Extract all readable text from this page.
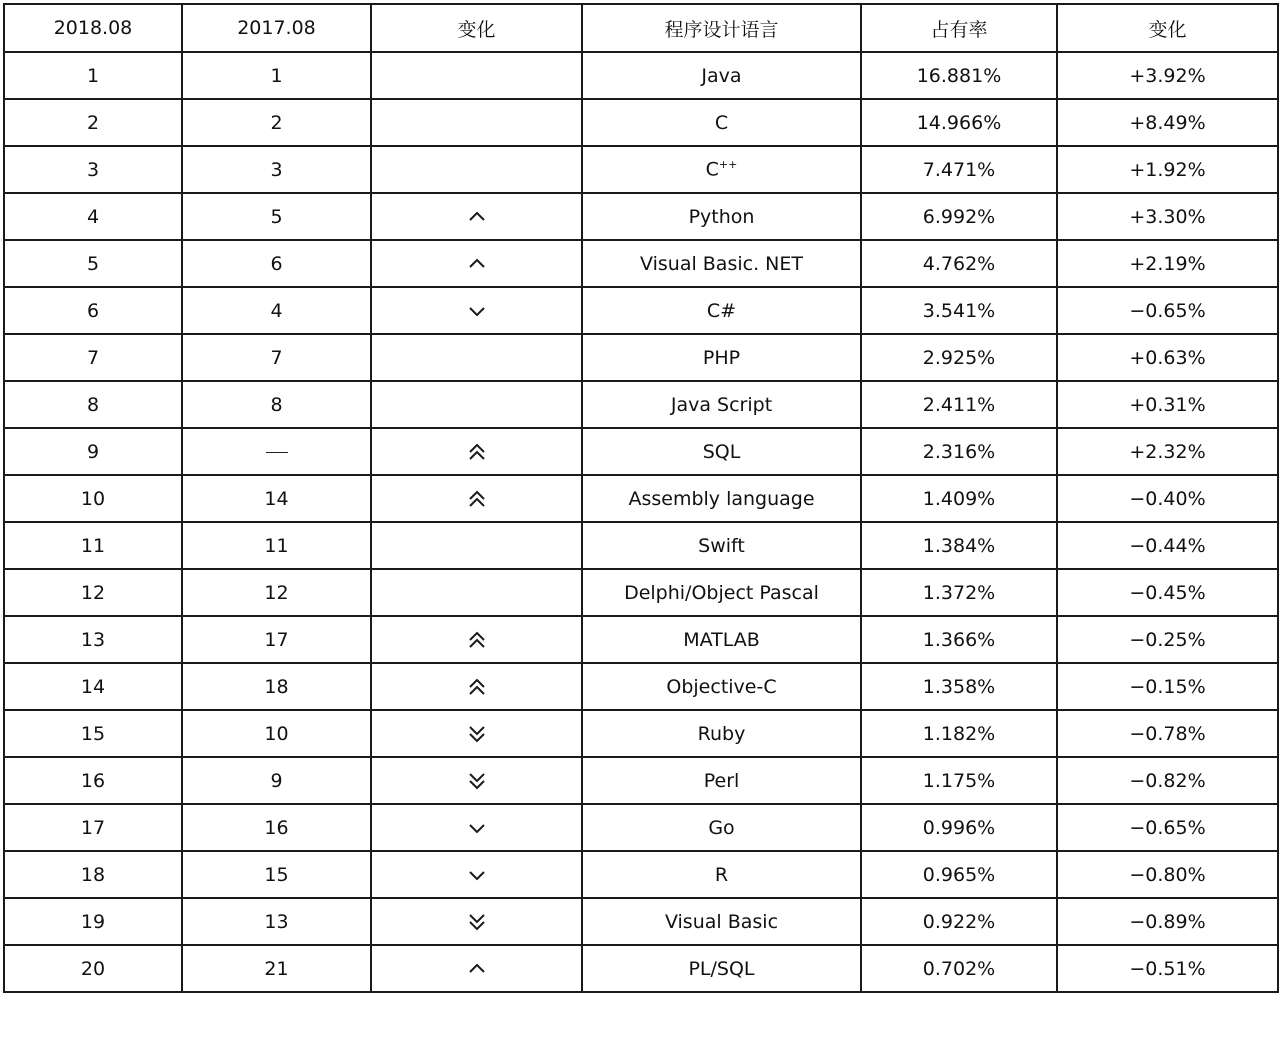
2018.08	2017.08	变化	程序设计语言	占有率	变化
1	1		Java	16.881%	+3.92%
2	2		C	14.966%	+8.49%
3	3		C++	7.471%	+1.92%
4	5		Python	6.992%	+3.30%
5	6		Visual Basic. NET	4.762%	+2.19%
6	4		C#	3.541%	−0.65%
7	7		PHP	2.925%	+0.63%
8	8		Java Script	2.411%	+0.31%
9			SQL	2.316%	+2.32%
10	14		Assembly language	1.409%	−0.40%
11	11		Swift	1.384%	−0.44%
12	12		Delphi/Object Pascal	1.372%	−0.45%
13	17		MATLAB	1.366%	−0.25%
14	18		Objective-C	1.358%	−0.15%
15	10		Ruby	1.182%	−0.78%
16	9		Perl	1.175%	−0.82%
17	16		Go	0.996%	−0.65%
18	15		R	0.965%	−0.80%
19	13		Visual Basic	0.922%	−0.89%
20	21		PL/SQL	0.702%	−0.51%
